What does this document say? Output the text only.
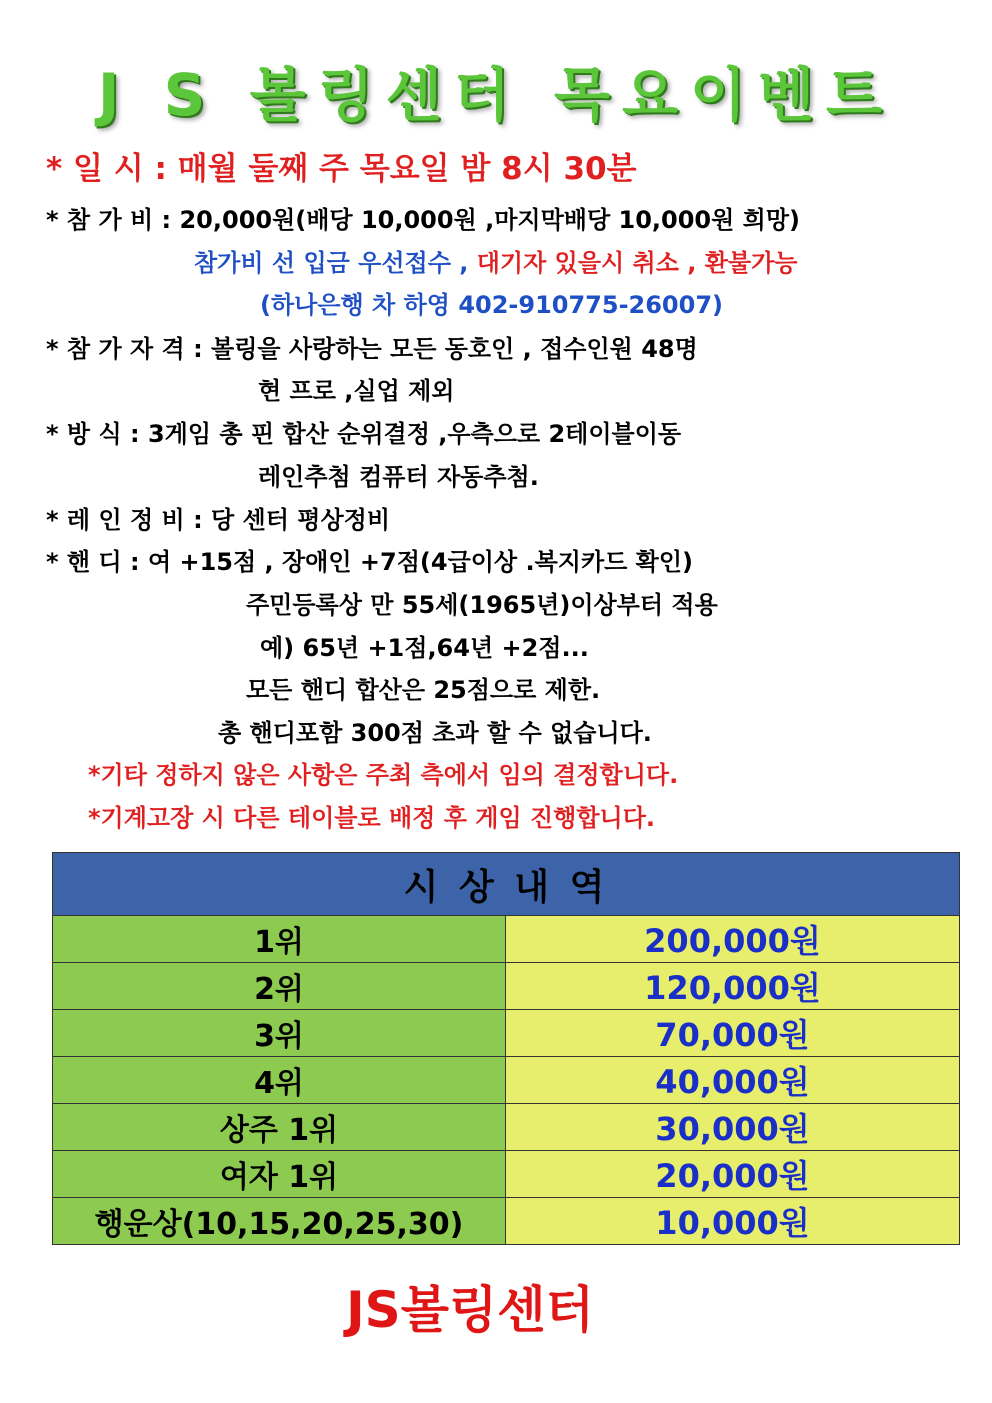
J S 볼링센터 목요이벤트
* 일 시 : 매월 둘째 주 목요일 밤 8시 30분
* 참 가 비 : 20,000원(배당 10,000원 ,마지막배당 10,000원 희망)
참가비 선 입금 우선접수 , 대기자 있을시 취소 , 환불가능
(하나은행 차 하영 402-910775-26007)
* 참 가 자 격 : 볼링을 사랑하는 모든 동호인 , 접수인원 48명
현 프로 ,실업 제외
* 방 식 : 3게임 총 핀 합산 순위결정 ,우측으로 2테이블이동
레인추첨 컴퓨터 자동추첨.
* 레 인 정 비 : 당 센터 평상정비
* 핸 디 : 여 +15점 , 장애인 +7점(4급이상 .복지카드 확인)
주민등록상 만 55세(1965년)이상부터 적용
예) 65년 +1점,64년 +2점...
모든 핸디 합산은 25점으로 제한.
총 핸디포함 300점 초과 할 수 없습니다.
*기타 정하지 않은 사항은 주최 측에서 임의 결정합니다.
*기계고장 시 다른 테이블로 배정 후 게임 진행합니다.
시 상 내 역	
1위	200,000원
2위	120,000원
3위	70,000원
4위	40,000원
상주 1위	30,000원
여자 1위	20,000원
행운상(10,15,20,25,30)	10,000원
JS볼링센터
